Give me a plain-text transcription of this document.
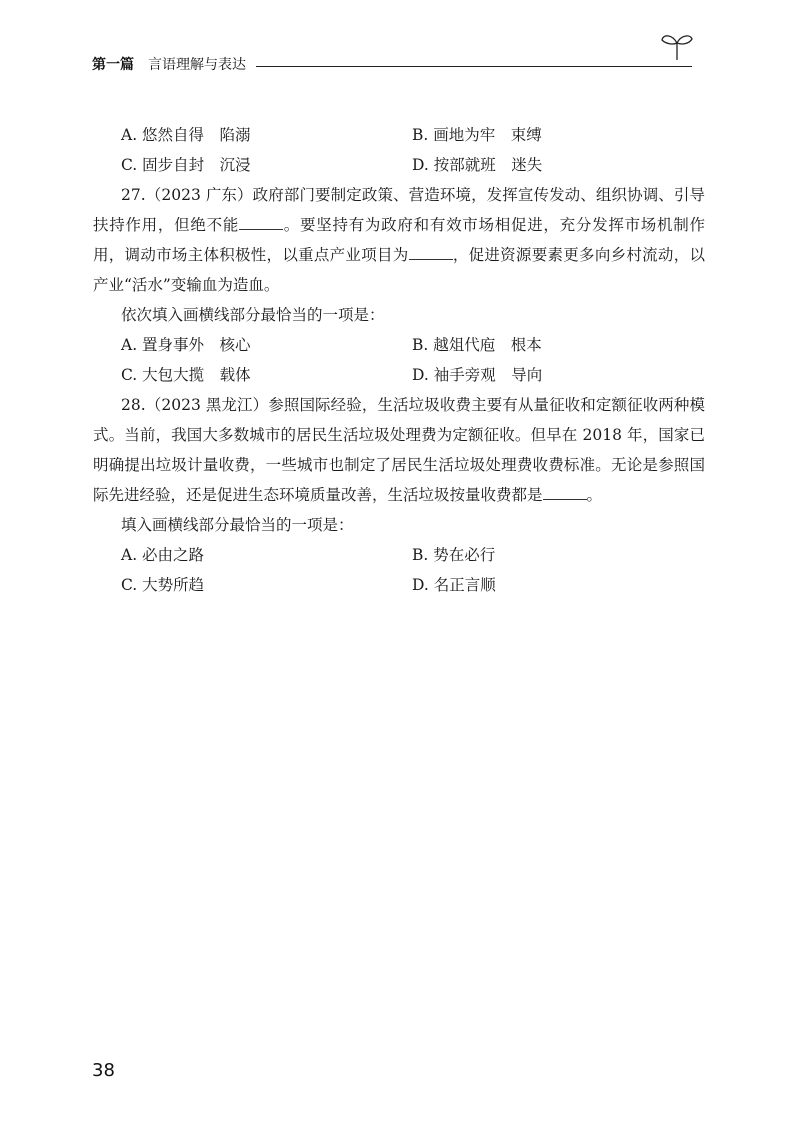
第一篇 言语理解与表达
A. 悠然自得　陷溺	B. 画地为牢　束缚
C. 固步自封　沉浸	D. 按部就班　迷失

27.（2023 广东）政府部门要制定政策、营造环境，发挥宣传发动、组织协调、引导扶持作用，但绝不能	。要坚持有为政府和有效市场相促进，充分发挥市场机制作用，调动市场主体积极性，以重点产业项目为	，促进资源要素更多向乡村流动，以产业“活水”变输血为造血。

依次填入画横线部分最恰当的一项是：

A. 置身事外　核心	B. 越俎代庖　根本
C. 大包大揽　载体	D. 袖手旁观　导向

28.（2023 黑龙江）参照国际经验，生活垃圾收费主要有从量征收和定额征收两种模式。当前，我国大多数城市的居民生活垃圾处理费为定额征收。但早在 2018 年，国家已明确提出垃圾计量收费，一些城市也制定了居民生活垃圾处理费收费标准。无论是参照国际先进经验，还是促进生态环境质量改善，生活垃圾按量收费都是	。

填入画横线部分最恰当的一项是：

A. 必由之路	B. 势在必行
C. 大势所趋	D. 名正言顺
38
